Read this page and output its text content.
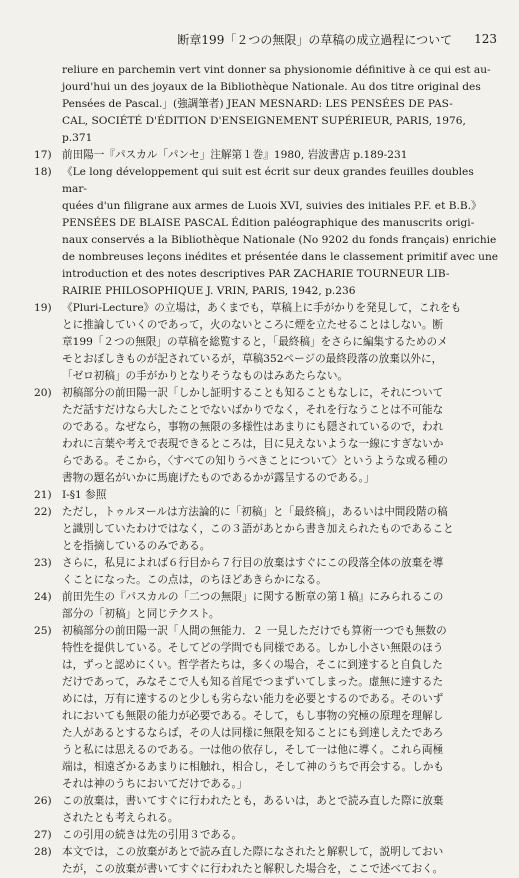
断章199「２つの無限」の草稿の成立過程について 123
reliure en parchemin vert vint donner sa physionomie définitive à ce qui est au-
jourd'hui un des joyaux de la Bibliothèque Nationale. Au dos titre original des
Pensées de Pascal.」(強調筆者) JEAN MESNARD: LES PENSÉES DE PAS-
CAL, SOCIÉTÉ D'ÉDITION D'ENSEIGNEMENT SUPÉRIEUR, PARIS, 1976,
p.371
17) 前田陽一『パスカル「パンセ」注解第１巻』1980, 岩波書店 p.189-231
18) 《Le long développement qui suit est écrit sur deux grandes feuilles doubles mar-
quées d'un filigrane aux armes de Luois XVI, suivies des initiales P.F. et B.B.》
PENSÉES DE BLAISE PASCAL Édition paléographique des manuscrits origi-
naux conservés a la Bibliothèque Nationale (No 9202 du fonds français) enrichie
de nombreuses leçons inédites et présentée dans le classement primitif avec une
introduction et des notes descriptives PAR ZACHARIE TOURNEUR LIB-
RAIRIE PHILOSOPHIQUE J. VRIN, PARIS, 1942, p.236
19) 《Pluri-Lecture》の立場は，あくまでも，草稿上に手がかりを発見して，これをも
とに推論していくのであって，火のないところに煙を立たせることはしない。断
章199「２つの無限」の草稿を総覧すると，「最終稿」をさらに編集するためのメ
モとおぼしきものが記されているが，草稿352ページの最終段落の放棄以外に，
「ゼロ初稿」の手がかりとなりそうなものはみあたらない。
20) 初稿部分の前田陽一訳「しかし証明することも知ることもなしに，それについて
ただ話すだけなら大したことでないばかりでなく，それを行なうことは不可能な
のである。なぜなら，事物の無限の多様性はあまりにも隠されているので，われ
われに言葉や考えで表現できるところは，目に見えないような一線にすぎないか
らである。そこから，〈すべての知りうべきことについて〉というような或る種の
書物の題名がいかに馬鹿げたものであるかが露呈するのである。」
21) Ⅰ-§1 参照
22) ただし，トゥルヌールは方法論的に「初稿」と「最終稿」，あるいは中間段階の稿
と識別していたわけではなく，この３語があとから書き加えられたものであること
とを指摘しているのみである。
23) さらに，私見によれば６行目から７行目の放棄はすぐにこの段落全体の放棄を導
くことになった。この点は，のちほどあきらかになる。
24) 前田先生の『パスカルの「二つの無限」に関する断章の第１稿』にみられるこの
部分の「初稿」と同じテクスト。
25) 初稿部分の前田陽一訳「人間の無能力．２ 一見しただけでも算術一つでも無数の
特性を提供している。そしてどの学問でも同様である。しかし小さい無限のほう
は，ずっと認めにくい。哲学者たちは，多くの場合，そこに到達すると自負した
だけであって，みなそこで人も知る首尾でつまずいてしまった。虚無に達するた
めには，万有に達するのと少しも劣らない能力を必要とするのである。そのいず
れにおいても無限の能力が必要である。そして，もし事物の究極の原理を理解し
た人があるとするならば，その人は同様に無限を知ることにも到達しえたであろ
うと私には思えるのである。一は他の依存し，そして一は他に導く。これら両極
端は，相遠ざかるあまりに相触れ，相合し，そして神のうちで再会する。しかも
それは神のうちにおいてだけである。」
26) この放棄は，書いてすぐに行われたとも，あるいは，あとで読み直した際に放棄
されたとも考えられる。
27) この引用の続きは先の引用３である。
28) 本文では，この放棄があとで読み直した際になされたと解釈して，説明しておい
たが，この放棄が書いてすぐに行われたと解釈した場合を，ここで述べておく。
